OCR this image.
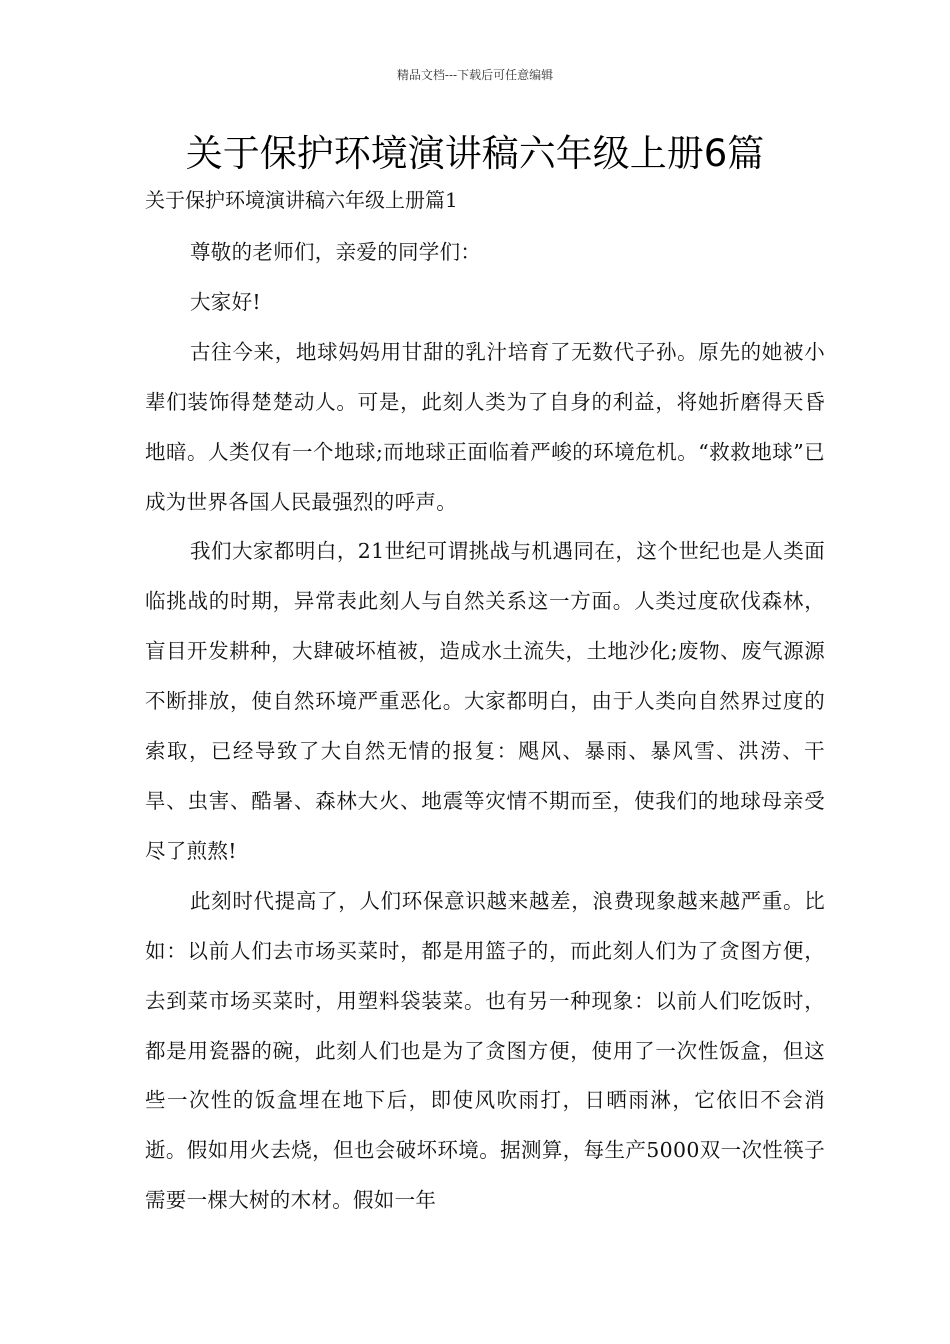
精品文档---下载后可任意编辑
关于保护环境演讲稿六年级上册6篇
关于保护环境演讲稿六年级上册篇1

尊敬的老师们，亲爱的同学们：

大家好!

古往今来，地球妈妈用甘甜的乳汁培育了无数代子孙。原先的她被小辈们装饰得楚楚动人。可是，此刻人类为了自身的利益，将她折磨得天昏地暗。人类仅有一个地球;而地球正面临着严峻的环境危机。“救救地球”已成为世界各国人民最强烈的呼声。

我们大家都明白，21世纪可谓挑战与机遇同在，这个世纪也是人类面临挑战的时期，异常表此刻人与自然关系这一方面。人类过度砍伐森林，盲目开发耕种，大肆破坏植被，造成水土流失，土地沙化;废物、废气源源不断排放，使自然环境严重恶化。大家都明白，由于人类向自然界过度的索取，已经导致了大自然无情的报复：飓风、暴雨、暴风雪、洪涝、干旱、虫害、酷暑、森林大火、地震等灾情不期而至，使我们的地球母亲受尽了煎熬!

此刻时代提高了，人们环保意识越来越差，浪费现象越来越严重。比如：以前人们去市场买菜时，都是用篮子的，而此刻人们为了贪图方便，去到菜市场买菜时，用塑料袋装菜。也有另一种现象：以前人们吃饭时，都是用瓷器的碗，此刻人们也是为了贪图方便，使用了一次性饭盒，但这些一次性的饭盒埋在地下后，即使风吹雨打，日晒雨淋，它依旧不会消逝。假如用火去烧，但也会破坏环境。据测算，每生产5000双一次性筷子需要一棵大树的木材。假如一年
